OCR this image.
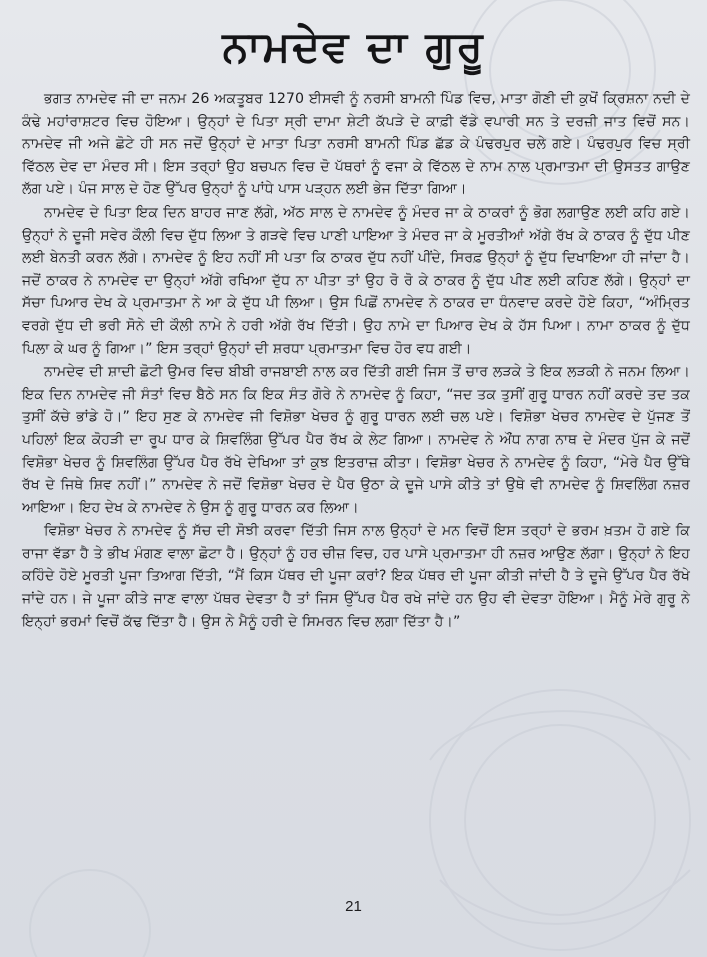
ਨਾਮਦੇਵ ਦਾ ਗੁਰੂ

ਭਗਤ ਨਾਮਦੇਵ ਜੀ ਦਾ ਜਨਮ 26 ਅਕਤੂਬਰ 1270 ਈਸਵੀ ਨੂੰ ਨਰਸੀ ਬਾਮਨੀ ਪਿੰਡ ਵਿਚ, ਮਾਤਾ ਗੋਣੀ ਦੀ ਕੁਖੋਂ ਕ੍ਰਿਸ਼ਨਾ ਨਦੀ ਦੇ ਕੰਢੇ ਮਹਾਂਰਾਸ਼ਟਰ ਵਿਚ ਹੋਇਆ। ਉਨ੍ਹਾਂ ਦੇ ਪਿਤਾ ਸ੍ਰੀ ਦਾਮਾ ਸ਼ੇਟੀ ਕੱਪੜੇ ਦੇ ਕਾਫ਼ੀ ਵੱਡੇ ਵਪਾਰੀ ਸਨ ਤੇ ਦਰਜ਼ੀ ਜਾਤ ਵਿਚੋਂ ਸਨ। ਨਾਮਦੇਵ ਜੀ ਅਜੇ ਛੋਟੇ ਹੀ ਸਨ ਜਦੋਂ ਉਨ੍ਹਾਂ ਦੇ ਮਾਤਾ ਪਿਤਾ ਨਰਸੀ ਬਾਮਨੀ ਪਿੰਡ ਛੱਡ ਕੇ ਪੰਢਰਪੁਰ ਚਲੇ ਗਏ। ਪੰਢਰਪੁਰ ਵਿਚ ਸ੍ਰੀ ਵਿੱਠਲ ਦੇਵ ਦਾ ਮੰਦਰ ਸੀ। ਇਸ ਤਰ੍ਹਾਂ ਉਹ ਬਚਪਨ ਵਿਚ ਦੋ ਪੱਥਰਾਂ ਨੂੰ ਵਜਾ ਕੇ ਵਿੱਠਲ ਦੇ ਨਾਮ ਨਾਲ ਪ੍ਰਮਾਤਮਾ ਦੀ ਉਸਤਤ ਗਾਉਣ ਲੱਗ ਪਏ। ਪੰਜ ਸਾਲ ਦੇ ਹੋਣ ਉੱਪਰ ਉਨ੍ਹਾਂ ਨੂੰ ਪਾਂਧੇ ਪਾਸ ਪੜ੍ਹਨ ਲਈ ਭੇਜ ਦਿੱਤਾ ਗਿਆ।

ਨਾਮਦੇਵ ਦੇ ਪਿਤਾ ਇਕ ਦਿਨ ਬਾਹਰ ਜਾਣ ਲੱਗੇ, ਅੱਠ ਸਾਲ ਦੇ ਨਾਮਦੇਵ ਨੂੰ ਮੰਦਰ ਜਾ ਕੇ ਠਾਕਰਾਂ ਨੂੰ ਭੋਗ ਲਗਾਉਣ ਲਈ ਕਹਿ ਗਏ। ਉਨ੍ਹਾਂ ਨੇ ਦੂਜੀ ਸਵੇਰ ਕੌਲੀ ਵਿਚ ਦੁੱਧ ਲਿਆ ਤੇ ਗੜਵੇ ਵਿਚ ਪਾਣੀ ਪਾਇਆ ਤੇ ਮੰਦਰ ਜਾ ਕੇ ਮੂਰਤੀਆਂ ਅੱਗੇ ਰੱਖ ਕੇ ਠਾਕਰ ਨੂੰ ਦੁੱਧ ਪੀਣ ਲਈ ਬੇਨਤੀ ਕਰਨ ਲੱਗੇ। ਨਾਮਦੇਵ ਨੂੰ ਇਹ ਨਹੀਂ ਸੀ ਪਤਾ ਕਿ ਠਾਕਰ ਦੁੱਧ ਨਹੀਂ ਪੀਂਦੇ, ਸਿਰਫ਼ ਉਨ੍ਹਾਂ ਨੂੰ ਦੁੱਧ ਦਿਖਾਇਆ ਹੀ ਜਾਂਦਾ ਹੈ। ਜਦੋਂ ਠਾਕਰ ਨੇ ਨਾਮਦੇਵ ਦਾ ਉਨ੍ਹਾਂ ਅੱਗੇ ਰਖਿਆ ਦੁੱਧ ਨਾ ਪੀਤਾ ਤਾਂ ਉਹ ਰੋ ਰੋ ਕੇ ਠਾਕਰ ਨੂੰ ਦੁੱਧ ਪੀਣ ਲਈ ਕਹਿਣ ਲੱਗੇ। ਉਨ੍ਹਾਂ ਦਾ ਸੱਚਾ ਪਿਆਰ ਦੇਖ ਕੇ ਪ੍ਰਮਾਤਮਾ ਨੇ ਆ ਕੇ ਦੁੱਧ ਪੀ ਲਿਆ। ਉਸ ਪਿਛੋਂ ਨਾਮਦੇਵ ਨੇ ਠਾਕਰ ਦਾ ਧੰਨਵਾਦ ਕਰਦੇ ਹੋਏ ਕਿਹਾ, “ਅੰਮ੍ਰਿਤ ਵਰਗੇ ਦੁੱਧ ਦੀ ਭਰੀ ਸੋਨੇ ਦੀ ਕੌਲੀ ਨਾਮੇ ਨੇ ਹਰੀ ਅੱਗੇ ਰੱਖ ਦਿੱਤੀ। ਉਹ ਨਾਮੇ ਦਾ ਪਿਆਰ ਦੇਖ ਕੇ ਹੱਸ ਪਿਆ। ਨਾਮਾ ਠਾਕਰ ਨੂੰ ਦੁੱਧ ਪਿਲਾ ਕੇ ਘਰ ਨੂੰ ਗਿਆ।” ਇਸ ਤਰ੍ਹਾਂ ਉਨ੍ਹਾਂ ਦੀ ਸ਼ਰਧਾ ਪ੍ਰਮਾਤਮਾ ਵਿਚ ਹੋਰ ਵਧ ਗਈ।

ਨਾਮਦੇਵ ਦੀ ਸ਼ਾਦੀ ਛੋਟੀ ਉਮਰ ਵਿਚ ਬੀਬੀ ਰਾਜਬਾਈ ਨਾਲ ਕਰ ਦਿੱਤੀ ਗਈ ਜਿਸ ਤੋਂ ਚਾਰ ਲੜਕੇ ਤੇ ਇਕ ਲੜਕੀ ਨੇ ਜਨਮ ਲਿਆ। ਇਕ ਦਿਨ ਨਾਮਦੇਵ ਜੀ ਸੰਤਾਂ ਵਿਚ ਬੈਠੇ ਸਨ ਕਿ ਇਕ ਸੰਤ ਗੋਰੇ ਨੇ ਨਾਮਦੇਵ ਨੂੰ ਕਿਹਾ, “ਜਦ ਤਕ ਤੁਸੀਂ ਗੁਰੂ ਧਾਰਨ ਨਹੀਂ ਕਰਦੇ ਤਦ ਤਕ ਤੁਸੀਂ ਕੱਚੇ ਭਾਂਡੇ ਹੋ।” ਇਹ ਸੁਣ ਕੇ ਨਾਮਦੇਵ ਜੀ ਵਿਸ਼ੋਭਾ ਖੇਚਰ ਨੂੰ ਗੁਰੂ ਧਾਰਨ ਲਈ ਚਲ ਪਏ। ਵਿਸ਼ੋਭਾ ਖੇਚਰ ਨਾਮਦੇਵ ਦੇ ਪੁੱਜਣ ਤੋਂ ਪਹਿਲਾਂ ਇਕ ਕੋਹੜੀ ਦਾ ਰੂਪ ਧਾਰ ਕੇ ਸ਼ਿਵਲਿੰਗ ਉੱਪਰ ਪੈਰ ਰੱਖ ਕੇ ਲੇਟ ਗਿਆ। ਨਾਮਦੇਵ ਨੇ ਔਂਧ ਨਾਗ ਨਾਥ ਦੇ ਮੰਦਰ ਪੁੱਜ ਕੇ ਜਦੋਂ ਵਿਸ਼ੋਭਾ ਖੇਚਰ ਨੂੰ ਸ਼ਿਵਲਿੰਗ ਉੱਪਰ ਪੈਰ ਰੱਖੇ ਦੇਖਿਆ ਤਾਂ ਕੁਝ ਇਤਰਾਜ਼ ਕੀਤਾ। ਵਿਸ਼ੋਭਾ ਖੇਚਰ ਨੇ ਨਾਮਦੇਵ ਨੂੰ ਕਿਹਾ, “ਮੇਰੇ ਪੈਰ ਉੱਥੇ ਰੱਖ ਦੇ ਜਿਥੇ ਸ਼ਿਵ ਨਹੀਂ।” ਨਾਮਦੇਵ ਨੇ ਜਦੋਂ ਵਿਸ਼ੋਭਾ ਖੇਚਰ ਦੇ ਪੈਰ ਉਠਾ ਕੇ ਦੂਜੇ ਪਾਸੇ ਕੀਤੇ ਤਾਂ ਉਥੇ ਵੀ ਨਾਮਦੇਵ ਨੂੰ ਸ਼ਿਵਲਿੰਗ ਨਜ਼ਰ ਆਇਆ। ਇਹ ਦੇਖ ਕੇ ਨਾਮਦੇਵ ਨੇ ਉਸ ਨੂੰ ਗੁਰੂ ਧਾਰਨ ਕਰ ਲਿਆ।

ਵਿਸ਼ੋਭਾ ਖੇਚਰ ਨੇ ਨਾਮਦੇਵ ਨੂੰ ਸੱਚ ਦੀ ਸੋਝੀ ਕਰਵਾ ਦਿੱਤੀ ਜਿਸ ਨਾਲ ਉਨ੍ਹਾਂ ਦੇ ਮਨ ਵਿਚੋਂ ਇਸ ਤਰ੍ਹਾਂ ਦੇ ਭਰਮ ਖ਼ਤਮ ਹੋ ਗਏ ਕਿ ਰਾਜਾ ਵੱਡਾ ਹੈ ਤੇ ਭੀਖ ਮੰਗਣ ਵਾਲਾ ਛੋਟਾ ਹੈ। ਉਨ੍ਹਾਂ ਨੂੰ ਹਰ ਚੀਜ਼ ਵਿਚ, ਹਰ ਪਾਸੇ ਪ੍ਰਮਾਤਮਾ ਹੀ ਨਜ਼ਰ ਆਉਣ ਲੱਗਾ। ਉਨ੍ਹਾਂ ਨੇ ਇਹ ਕਹਿੰਦੇ ਹੋਏ ਮੂਰਤੀ ਪੂਜਾ ਤਿਆਗ ਦਿੱਤੀ, “ਮੈਂ ਕਿਸ ਪੱਥਰ ਦੀ ਪੂਜਾ ਕਰਾਂ? ਇਕ ਪੱਥਰ ਦੀ ਪੂਜਾ ਕੀਤੀ ਜਾਂਦੀ ਹੈ ਤੇ ਦੂਜੇ ਉੱਪਰ ਪੈਰ ਰੱਖੇ ਜਾਂਦੇ ਹਨ। ਜੇ ਪੂਜਾ ਕੀਤੇ ਜਾਣ ਵਾਲਾ ਪੱਥਰ ਦੇਵਤਾ ਹੈ ਤਾਂ ਜਿਸ ਉੱਪਰ ਪੈਰ ਰਖੇ ਜਾਂਦੇ ਹਨ ਉਹ ਵੀ ਦੇਵਤਾ ਹੋਇਆ। ਮੈਨੂੰ ਮੇਰੇ ਗੁਰੂ ਨੇ ਇਨ੍ਹਾਂ ਭਰਮਾਂ ਵਿਚੋਂ ਕੱਢ ਦਿੱਤਾ ਹੈ। ਉਸ ਨੇ ਮੈਨੂੰ ਹਰੀ ਦੇ ਸਿਮਰਨ ਵਿਚ ਲਗਾ ਦਿੱਤਾ ਹੈ।”

21
